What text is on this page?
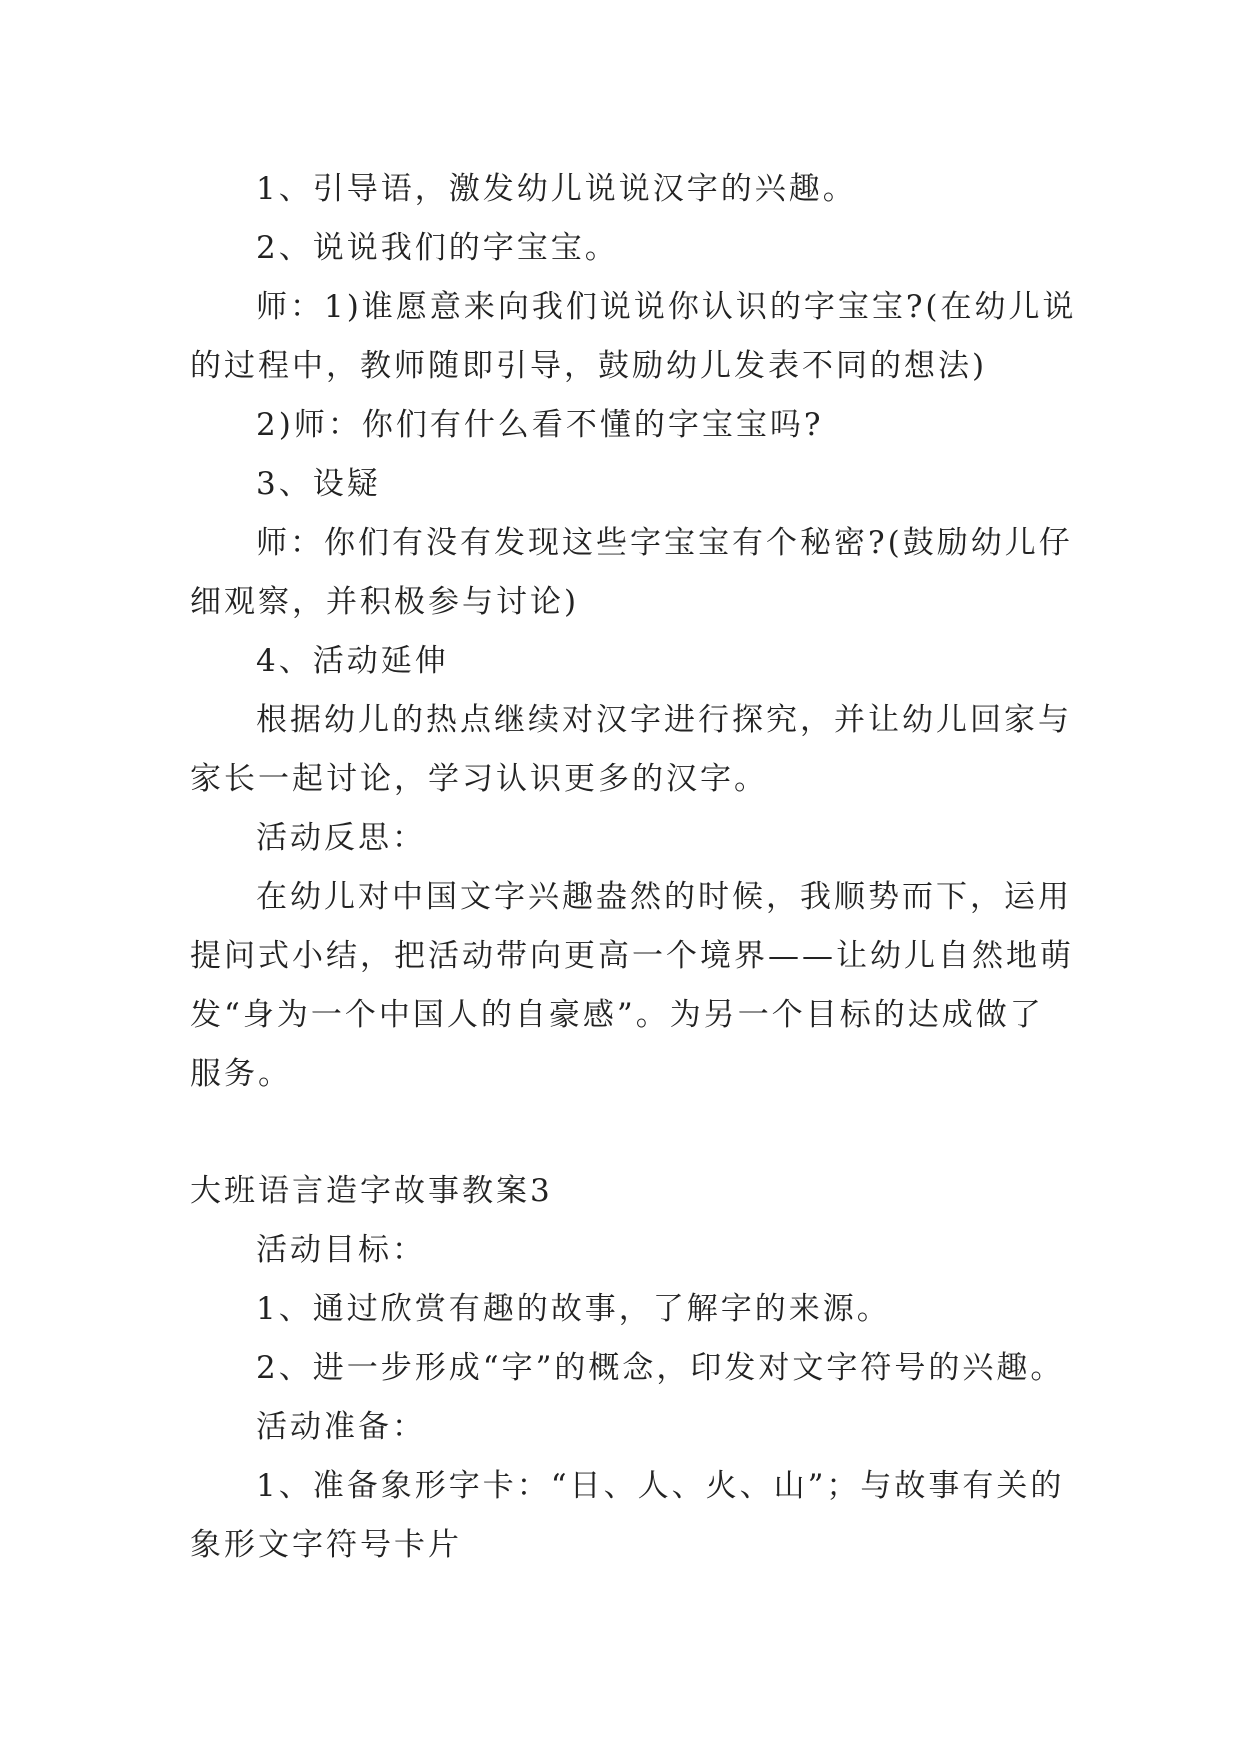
1、引导语，激发幼儿说说汉字的兴趣。

2、说说我们的字宝宝。

师：1)谁愿意来向我们说说你认识的字宝宝?(在幼儿说

的过程中，教师随即引导，鼓励幼儿发表不同的想法)

2)师：你们有什么看不懂的字宝宝吗?

3、设疑

师：你们有没有发现这些字宝宝有个秘密?(鼓励幼儿仔

细观察，并积极参与讨论)

4、活动延伸

根据幼儿的热点继续对汉字进行探究，并让幼儿回家与

家长一起讨论，学习认识更多的汉字。

活动反思：

在幼儿对中国文字兴趣盎然的时候，我顺势而下，运用

提问式小结，把活动带向更高一个境界——让幼儿自然地萌

发“身为一个中国人的自豪感”。为另一个目标的达成做了

服务。

大班语言造字故事教案3

活动目标：

1、通过欣赏有趣的故事，了解字的来源。

2、进一步形成“字”的概念，印发对文字符号的兴趣。

活动准备：

1、准备象形字卡：“日、人、火、山”；与故事有关的

象形文字符号卡片
